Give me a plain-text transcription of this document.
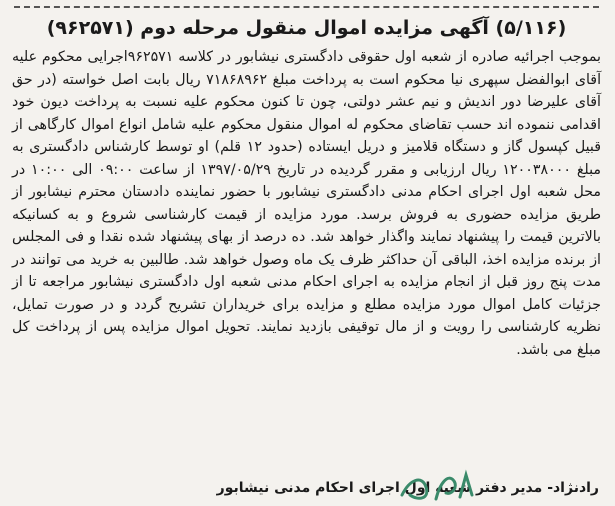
(۵/۱۱۶) آگهی مزایده اموال منقول مرحله دوم (۹۶۲۵۷۱)
بموجب اجرائیه صادره از شعبه اول حقوقی دادگستری نیشابور در کلاسه ۹۶۲۵۷۱اجرایی محکوم علیه آقای ابوالفضل سپهری نیا محکوم است به پرداخت مبلغ ۷۱۸۶۸۹۶۲ ریال بابت اصل خواسته (در حق آقای علیرضا دور اندیش و نیم عشر دولتی، چون تا کنون محکوم علیه نسبت به پرداخت دیون خود اقدامی ننموده اند حسب تقاضای محکوم له اموال منقول محکوم علیه شامل انواع اموال کارگاهی از قبیل کپسول گاز و دستگاه قلامیز و دریل ایستاده (حدود ۱۲ قلم) او توسط کارشناس دادگستری به مبلغ ۱۲۰۰۳۸۰۰۰ ریال ارزیابی و مقرر گردیده در تاریخ ۱۳۹۷/۰۵/۲۹ از ساعت ۰۹:۰۰ الی ۱۰:۰۰ در محل شعبه اول اجرای احکام مدنی دادگستری نیشابور با حضور نماینده دادستان محترم نیشابور از طریق مزایده حضوری به فروش برسد. مورد مزایده از قیمت کارشناسی شروع و به کسانیکه بالاترین قیمت را پیشنهاد نمایند واگذار خواهد شد. ده درصد از بهای پیشنهاد شده نقدا و فی المجلس از برنده مزایده اخذ، الباقی آن حداکثر ظرف یک ماه وصول خواهد شد. طالبین به خرید می توانند در مدت پنج روز قبل از انجام مزایده به اجرای احکام مدنی شعبه اول دادگستری نیشابور مراجعه تا از جزئیات کامل اموال مورد مزایده مطلع و مزایده برای خریداران تشریح گردد و در صورت تمایل، نظریه کارشناسی را رویت و از مال توقیفی بازدید نمایند. تحویل اموال مزایده پس از پرداخت کل مبلغ می باشد.
رادنژاد- مدیر دفتر شعبه اول اجرای احکام مدنی نیشابور
